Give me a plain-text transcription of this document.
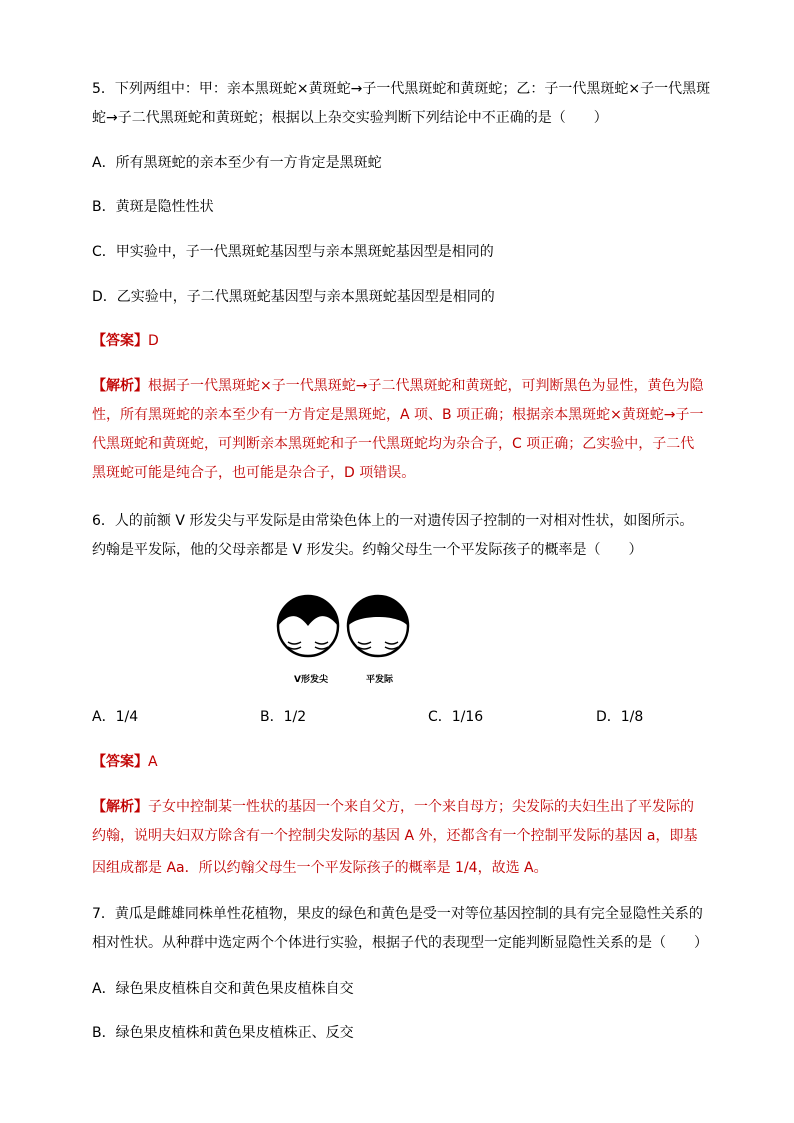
5．下列两组中：甲：亲本黑斑蛇×黄斑蛇→子一代黑斑蛇和黄斑蛇；乙：子一代黑斑蛇×子一代黑斑
蛇→子二代黑斑蛇和黄斑蛇；根据以上杂交实验判断下列结论中不正确的是（　　）
A．所有黑斑蛇的亲本至少有一方肯定是黑斑蛇
B．黄斑是隐性性状
C．甲实验中，子一代黑斑蛇基因型与亲本黑斑蛇基因型是相同的
D．乙实验中，子二代黑斑蛇基因型与亲本黑斑蛇基因型是相同的
【答案】D
【解析】根据子一代黑斑蛇×子一代黑斑蛇→子二代黑斑蛇和黄斑蛇，可判断黑色为显性，黄色为隐
性，所有黑斑蛇的亲本至少有一方肯定是黑斑蛇，A 项、B 项正确；根据亲本黑斑蛇×黄斑蛇→子一
代黑斑蛇和黄斑蛇，可判断亲本黑斑蛇和子一代黑斑蛇均为杂合子，C 项正确；乙实验中，子二代
黑斑蛇可能是纯合子，也可能是杂合子，D 项错误。
6．人的前额 V 形发尖与平发际是由常染色体上的一对遗传因子控制的一对相对性状，如图所示。
约翰是平发际，他的父母亲都是 V 形发尖。约翰父母生一个平发际孩子的概率是（　　）
V形发尖	平发际
A．1/4	B．1/2	C．1/16	D．1/8
【答案】A
【解析】子女中控制某一性状的基因一个来自父方，一个来自母方；尖发际的夫妇生出了平发际的
约翰，说明夫妇双方除含有一个控制尖发际的基因 A 外，还都含有一个控制平发际的基因 a，即基
因组成都是 Aa．所以约翰父母生一个平发际孩子的概率是 1/4，故选 A。
7．黄瓜是雌雄同株单性花植物，果皮的绿色和黄色是受一对等位基因控制的具有完全显隐性关系的
相对性状。从种群中选定两个个体进行实验，根据子代的表现型一定能判断显隐性关系的是（　　）
A．绿色果皮植株自交和黄色果皮植株自交
B．绿色果皮植株和黄色果皮植株正、反交
